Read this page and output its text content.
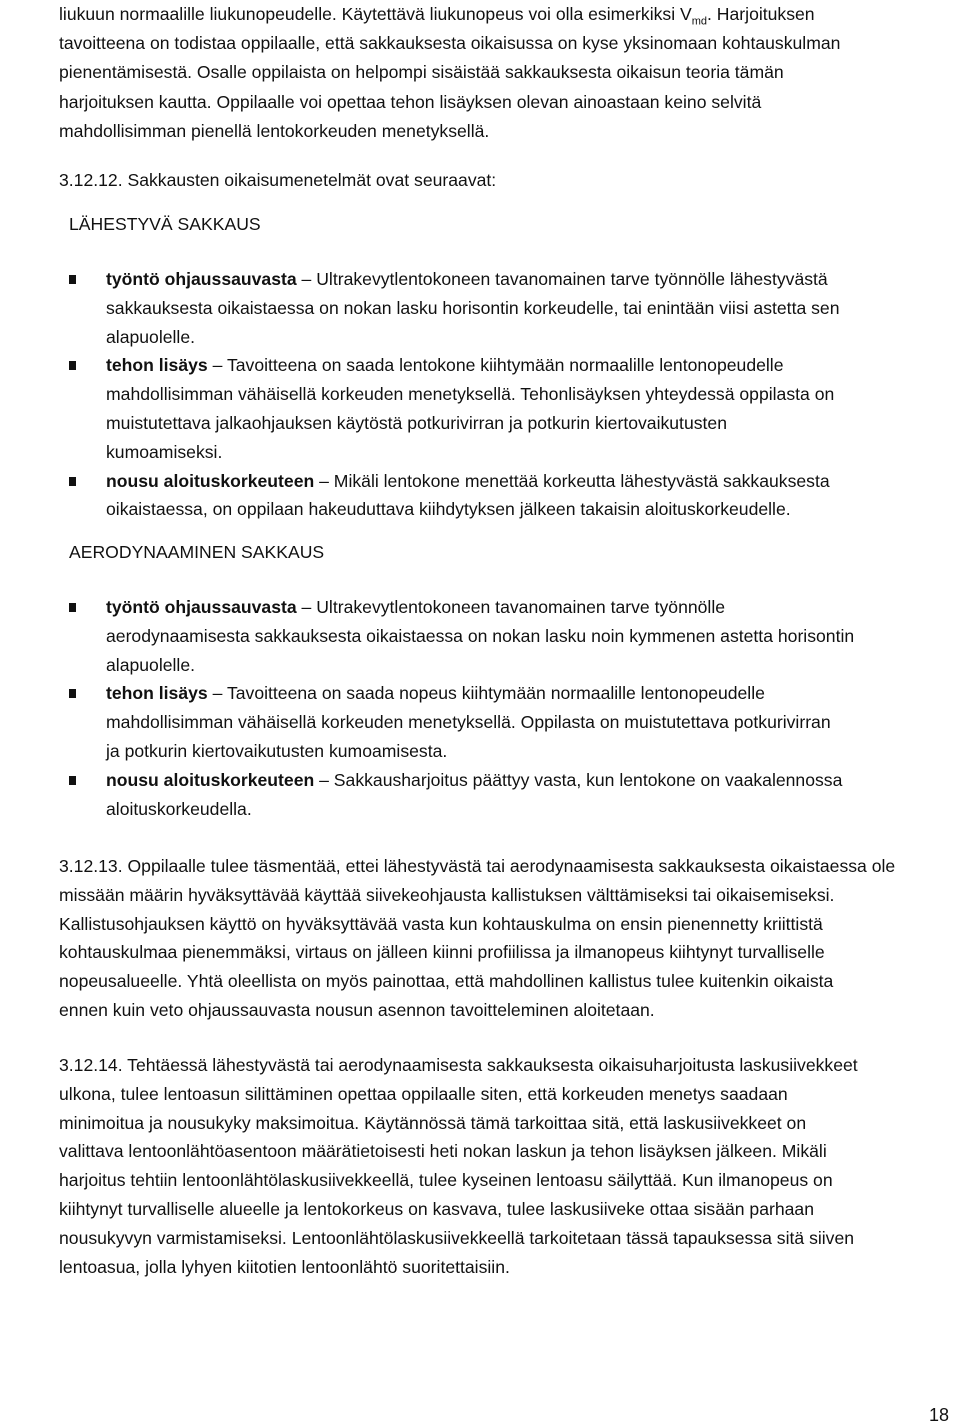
liukuun normaalille liukunopeudelle. Käytettävä liukunopeus voi olla esimerkiksi $V_{md}$. Harjoituksen
tavoitteena on todistaa oppilaalle, että sakkauksesta oikaisussa on kyse yksinomaan kohtauskulman
pienentämisestä. Osalle oppilaista on helpompi sisäistää sakkauksesta oikaisun teoria tämän
harjoituksen kautta. Oppilaalle voi opettaa tehon lisäyksen olevan ainoastaan keino selvitä
mahdollisimman pienellä lentokorkeuden menetyksellä.
3.12.12. Sakkausten oikaisumenetelmät ovat seuraavat:
LÄHESTYVÄ SAKKAUS
työntö ohjaussauvasta – Ultrakevytlentokoneen tavanomainen tarve työnnölle lähestyvästä
sakkauksesta oikaistaessa on nokan lasku horisontin korkeudelle, tai enintään viisi astetta sen
alapuolelle.
tehon lisäys – Tavoitteena on saada lentokone kiihtymään normaalille lentonopeudelle
mahdollisimman vähäisellä korkeuden menetyksellä. Tehonlisäyksen yhteydessä oppilasta on
muistutettava jalkaohjauksen käytöstä potkurivirran ja potkurin kiertovaikutusten
kumoamiseksi.
nousu aloituskorkeuteen – Mikäli lentokone menettää korkeutta lähestyvästä sakkauksesta
oikaistaessa, on oppilaan hakeuduttava kiihdytyksen jälkeen takaisin aloituskorkeudelle.
AERODYNAAMINEN SAKKAUS
työntö ohjaussauvasta – Ultrakevytlentokoneen tavanomainen tarve työnnölle
aerodynaamisesta sakkauksesta oikaistaessa on nokan lasku noin kymmenen astetta horisontin
alapuolelle.
tehon lisäys – Tavoitteena on saada nopeus kiihtymään normaalille lentonopeudelle
mahdollisimman vähäisellä korkeuden menetyksellä. Oppilasta on muistutettava potkurivirran
ja potkurin kiertovaikutusten kumoamisesta.
nousu aloituskorkeuteen – Sakkausharjoitus päättyy vasta, kun lentokone on vaakalennossa
aloituskorkeudella.
3.12.13. Oppilaalle tulee täsmentää, ettei lähestyvästä tai aerodynaamisesta sakkauksesta oikaistaessa ole
missään määrin hyväksyttävää käyttää siivekeohjausta kallistuksen välttämiseksi tai oikaisemiseksi.
Kallistusohjauksen käyttö on hyväksyttävää vasta kun kohtauskulma on ensin pienennetty kriittistä
kohtauskulmaa pienemmäksi, virtaus on jälleen kiinni profiilissa ja ilmanopeus kiihtynyt turvalliselle
nopeusalueelle. Yhtä oleellista on myös painottaa, että mahdollinen kallistus tulee kuitenkin oikaista
ennen kuin veto ohjaussauvasta nousun asennon tavoitteleminen aloitetaan.
3.12.14. Tehtäessä lähestyvästä tai aerodynaamisesta sakkauksesta oikaisuharjoitusta laskusiivekkeet
ulkona, tulee lentoasun silittäminen opettaa oppilaalle siten, että korkeuden menetys saadaan
minimoitua ja nousukyky maksimoitua. Käytännössä tämä tarkoittaa sitä, että laskusiivekkeet on
valittava lentoonlähtöasentoon määrätietoisesti heti nokan laskun ja tehon lisäyksen jälkeen. Mikäli
harjoitus tehtiin lentoonlähtölaskusiivekkeellä, tulee kyseinen lentoasu säilyttää. Kun ilmanopeus on
kiihtynyt turvalliselle alueelle ja lentokorkeus on kasvava, tulee laskusiiveke ottaa sisään parhaan
nousukyvyn varmistamiseksi. Lentoonlähtölaskusiivekkeellä tarkoitetaan tässä tapauksessa sitä siiven
lentoasua, jolla lyhyen kiitotien lentoonlähtö suoritettaisiin.
18
